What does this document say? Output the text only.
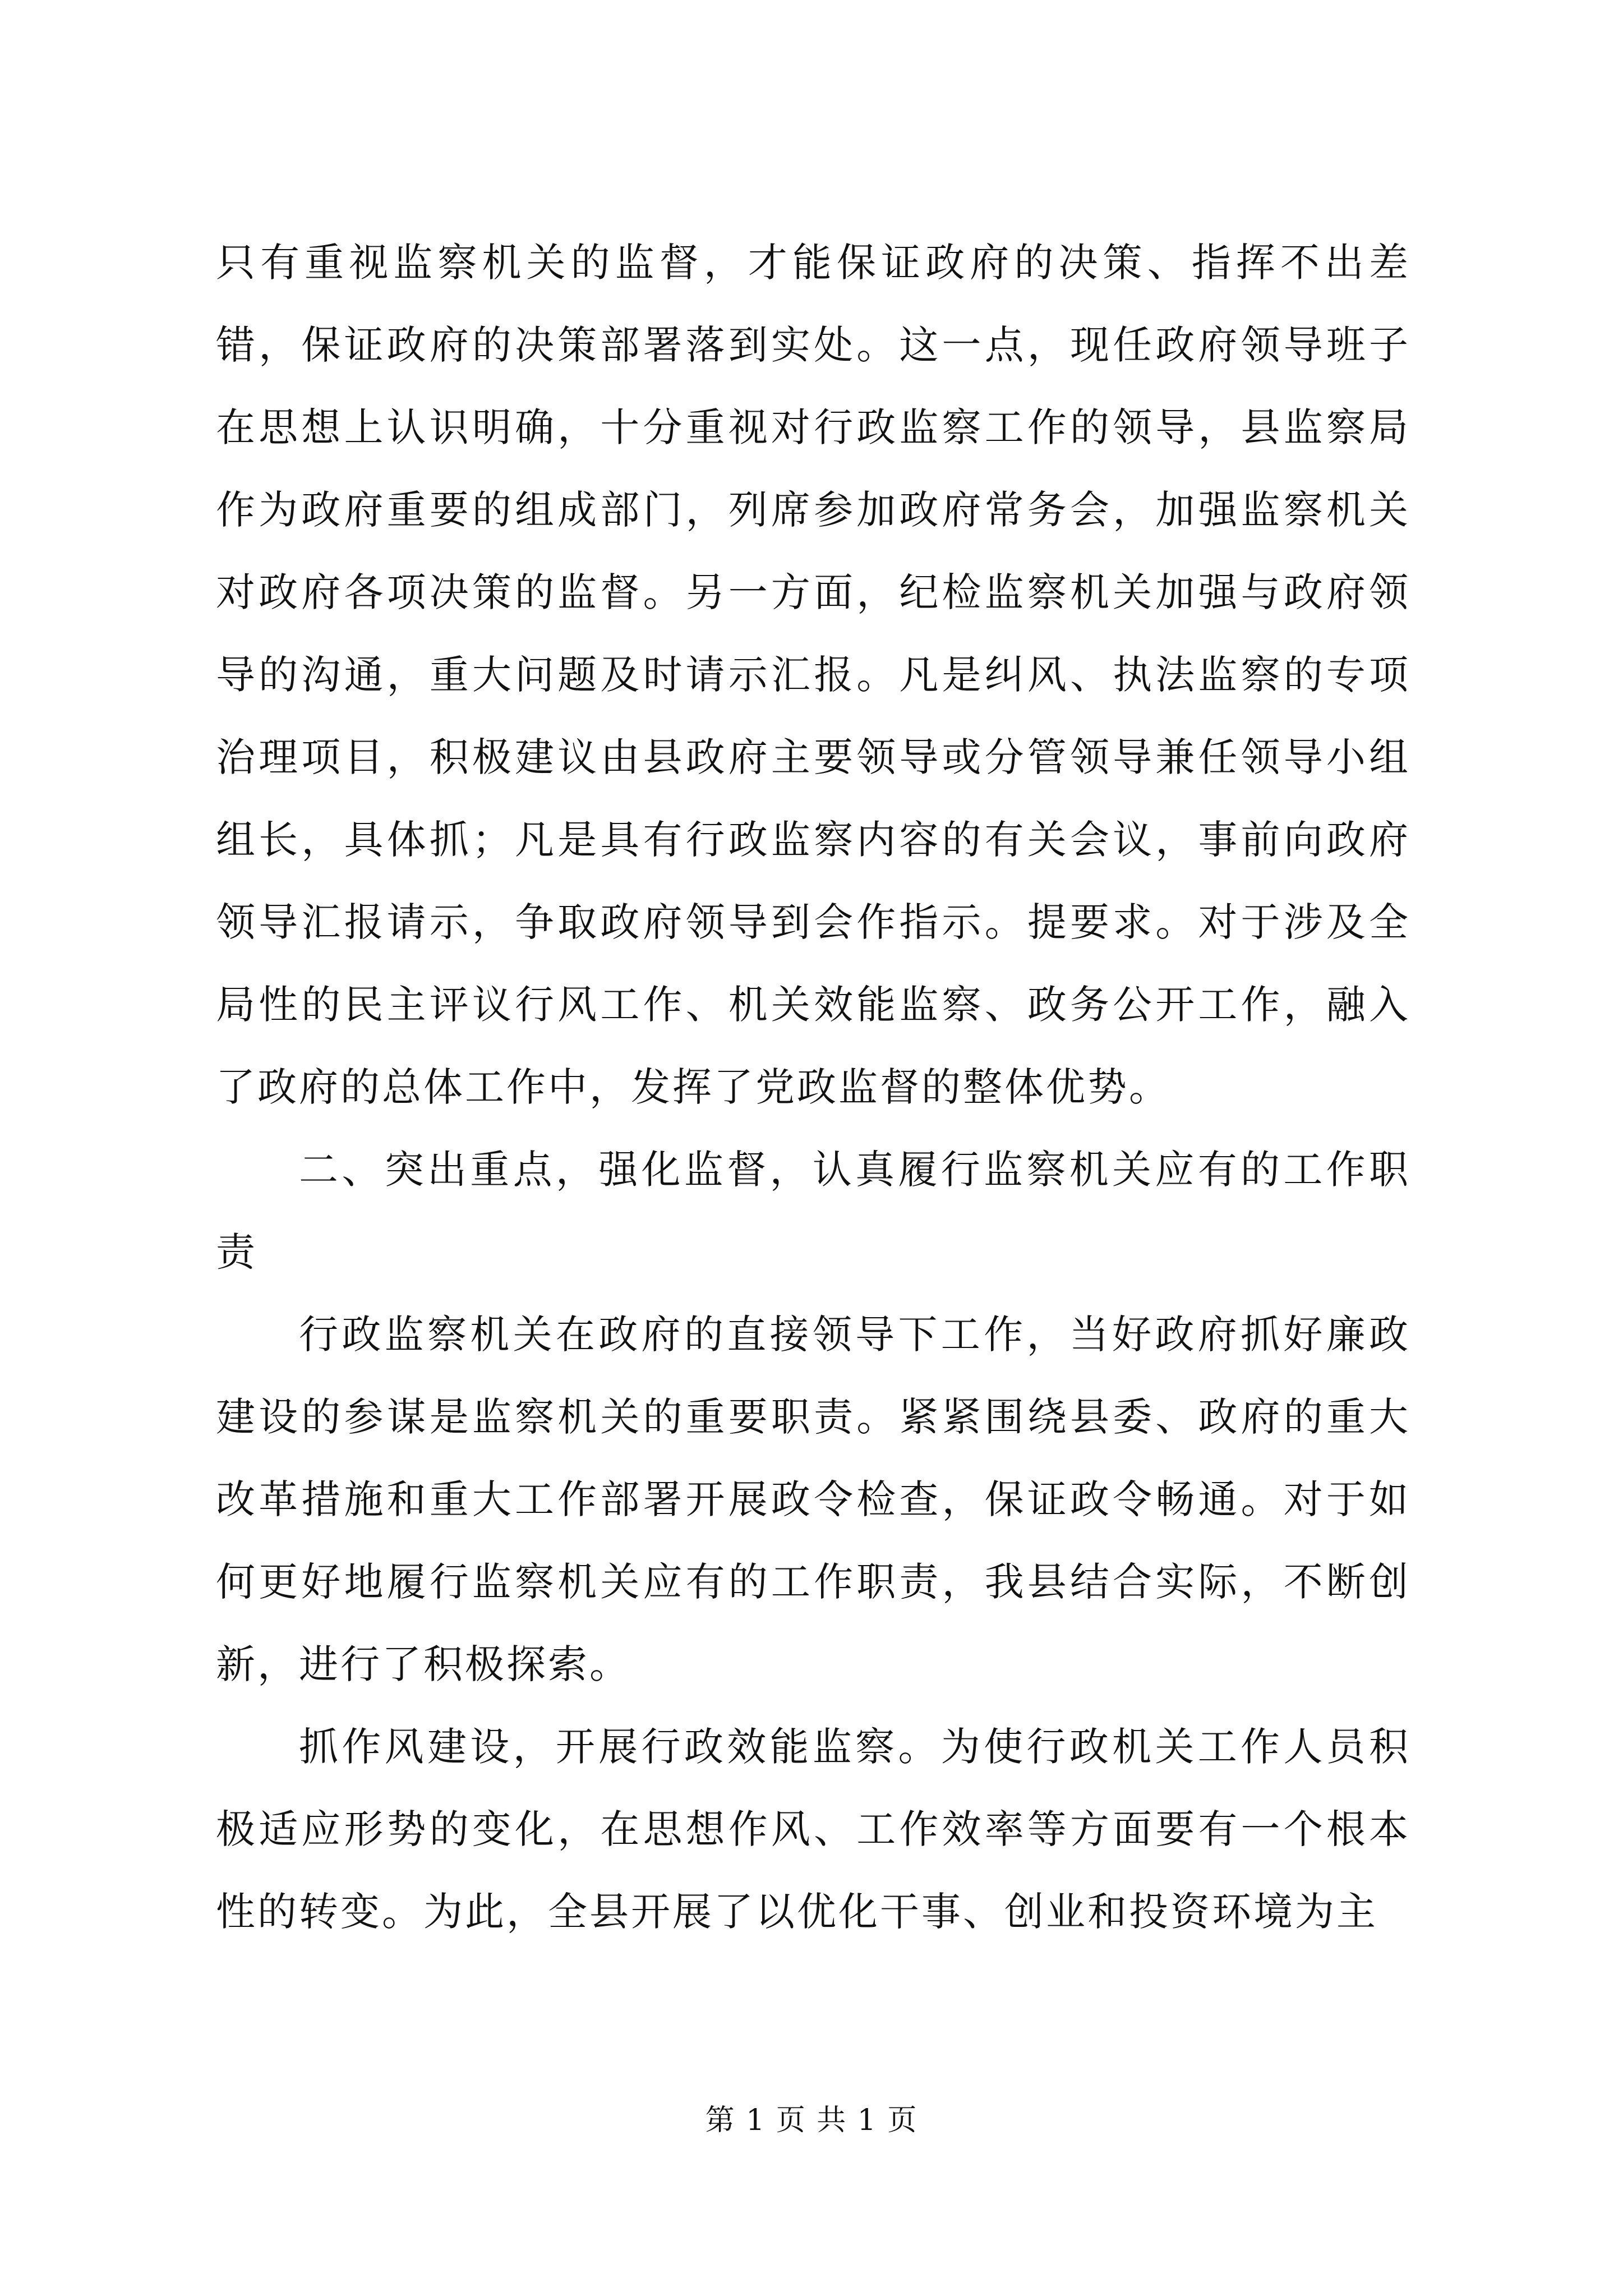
只有重视监察机关的监督，才能保证政府的决策、指挥不出差错，保证政府的决策部署落到实处。这一点，现任政府领导班子在思想上认识明确，十分重视对行政监察工作的领导，县监察局作为政府重要的组成部门，列席参加政府常务会，加强监察机关对政府各项决策的监督。另一方面，纪检监察机关加强与政府领导的沟通，重大问题及时请示汇报。凡是纠风、执法监察的专项治理项目，积极建议由县政府主要领导或分管领导兼任领导小组组长，具体抓；凡是具有行政监察内容的有关会议，事前向政府领导汇报请示，争取政府领导到会作指示。提要求。对于涉及全局性的民主评议行风工作、机关效能监察、政务公开工作，融入了政府的总体工作中，发挥了党政监督的整体优势。

二、突出重点，强化监督，认真履行监察机关应有的工作职责

行政监察机关在政府的直接领导下工作，当好政府抓好廉政建设的参谋是监察机关的重要职责。紧紧围绕县委、政府的重大改革措施和重大工作部署开展政令检查，保证政令畅通。对于如何更好地履行监察机关应有的工作职责，我县结合实际，不断创新，进行了积极探索。

抓作风建设，开展行政效能监察。为使行政机关工作人员积极适应形势的变化，在思想作风、工作效率等方面要有一个根本性的转变。为此，全县开展了以优化干事、创业和投资环境为主

第 1 页 共 1 页
